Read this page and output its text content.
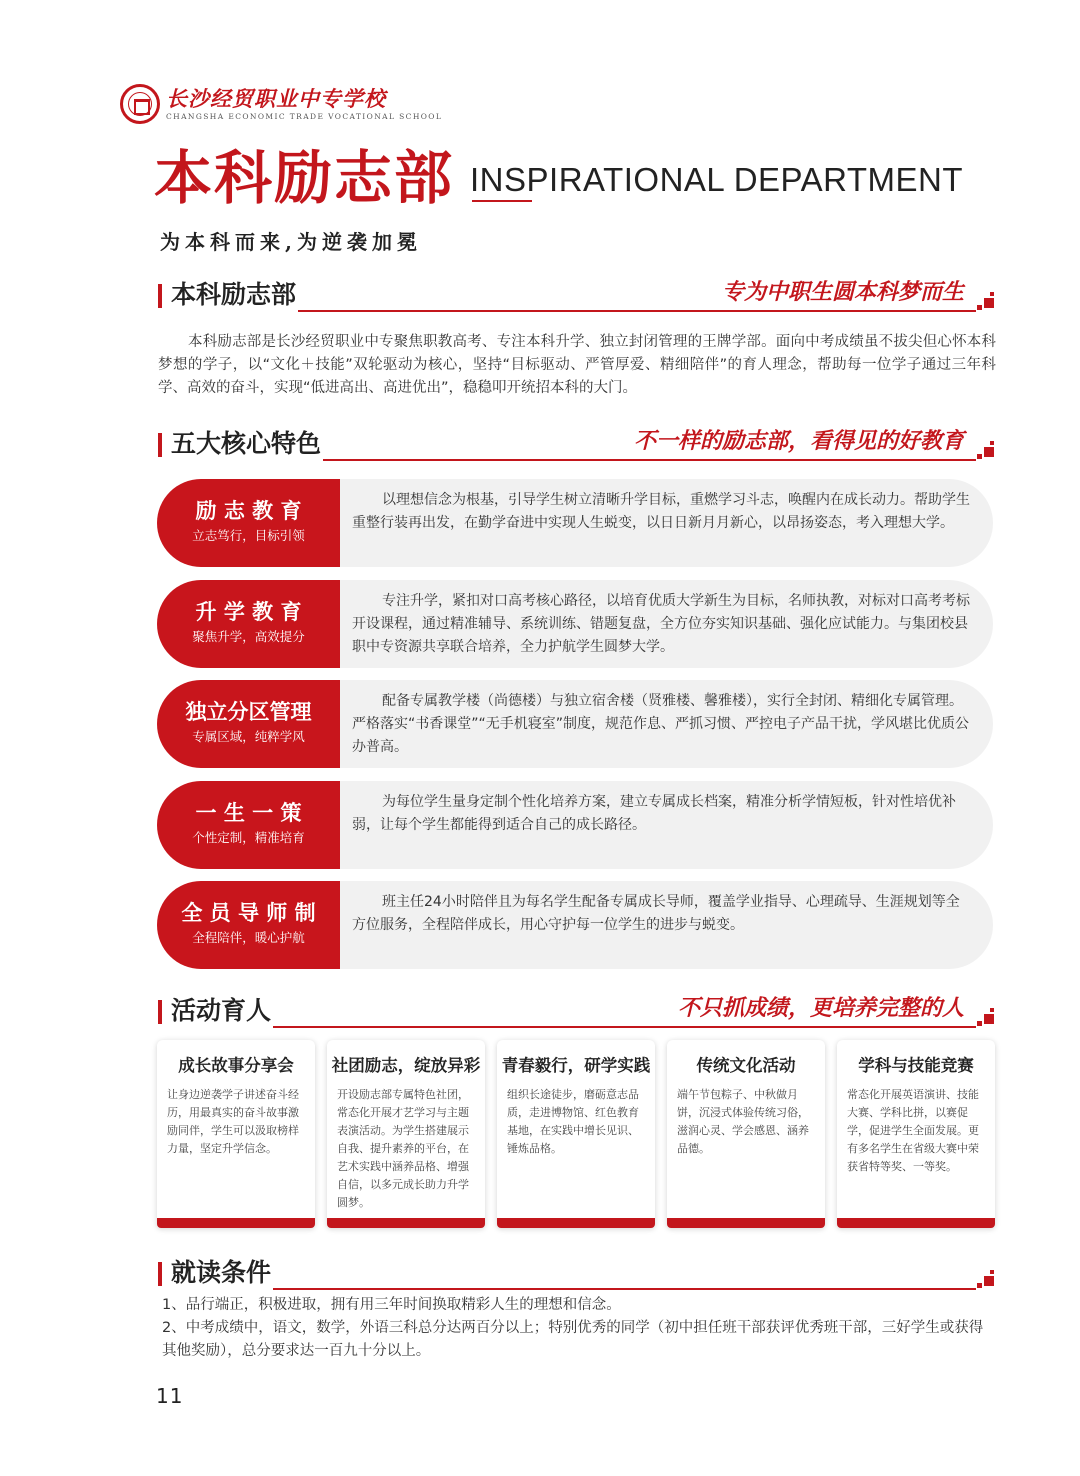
长沙经贸职业中专学校
CHANGSHA ECONOMIC TRADE VOCATIONAL SCHOOL
本科励志部 INSPIRATIONAL DEPARTMENT
为本科而来,为逆袭加冕
本科励志部	专为中职生圆本科梦而生
本科励志部是长沙经贸职业中专聚焦职教高考、专注本科升学、独立封闭管理的王牌学部。面向中考成绩虽不拔尖但心怀本科梦想的学子，以“文化＋技能”双轮驱动为核心，坚持“目标驱动、严管厚爱、精细陪伴”的育人理念，帮助每一位学子通过三年科学、高效的奋斗，实现“低进高出、高进优出”，稳稳叩开统招本科的大门。
五大核心特色	不一样的励志部，看得见的好教育
励 志 教 育
立志笃行，目标引领
以理想信念为根基，引导学生树立清晰升学目标，重燃学习斗志，唤醒内在成长动力。帮助学生重整行装再出发，在勤学奋进中实现人生蜕变，以日日新月月新心，以昂扬姿态，考入理想大学。
升 学 教 育
聚焦升学，高效提分
专注升学，紧扣对口高考核心路径，以培育优质大学新生为目标，名师执教，对标对口高考考标开设课程，通过精准辅导、系统训练、错题复盘，全方位夯实知识基础、强化应试能力。与集团校县职中专资源共享联合培养，全力护航学生圆梦大学。
独立分区管理
专属区域，纯粹学风
配备专属教学楼（尚德楼）与独立宿舍楼（贤雅楼、馨雅楼），实行全封闭、精细化专属管理。严格落实“书香课堂”“无手机寝室”制度，规范作息、严抓习惯、严控电子产品干扰，学风堪比优质公办普高。
一 生 一 策
个性定制，精准培育
为每位学生量身定制个性化培养方案，建立专属成长档案，精准分析学情短板，针对性培优补弱，让每个学生都能得到适合自己的成长路径。
全 员 导 师 制
全程陪伴，暖心护航
班主任24小时陪伴且为每名学生配备专属成长导师，覆盖学业指导、心理疏导、生涯规划等全方位服务，全程陪伴成长，用心守护每一位学生的进步与蜕变。
活动育人	不只抓成绩，更培养完整的人
成长故事分享会
让身边逆袭学子讲述奋斗经历，用最真实的奋斗故事激励同伴，学生可以汲取榜样力量，坚定升学信念。
社团励志，绽放异彩
开设励志部专属特色社团，常态化开展才艺学习与主题表演活动。为学生搭建展示自我、提升素养的平台，在艺术实践中涵养品格、增强自信，以多元成长助力升学圆梦。
青春毅行，研学实践
组织长途徒步，磨砺意志品质，走进博物馆、红色教育基地，在实践中增长见识、锤炼品格。
传统文化活动
端午节包粽子、中秋做月饼，沉浸式体验传统习俗，滋润心灵、学会感恩、涵养品德。
学科与技能竞赛
常态化开展英语演讲、技能大赛、学科比拼，以赛促学，促进学生全面发展。更有多名学生在省级大赛中荣获省特等奖、一等奖。
就读条件
1、品行端正，积极进取，拥有用三年时间换取精彩人生的理想和信念。
2、中考成绩中，语文，数学，外语三科总分达两百分以上；特别优秀的同学（初中担任班干部获评优秀班干部，三好学生或获得其他奖励），总分要求达一百九十分以上。
11
